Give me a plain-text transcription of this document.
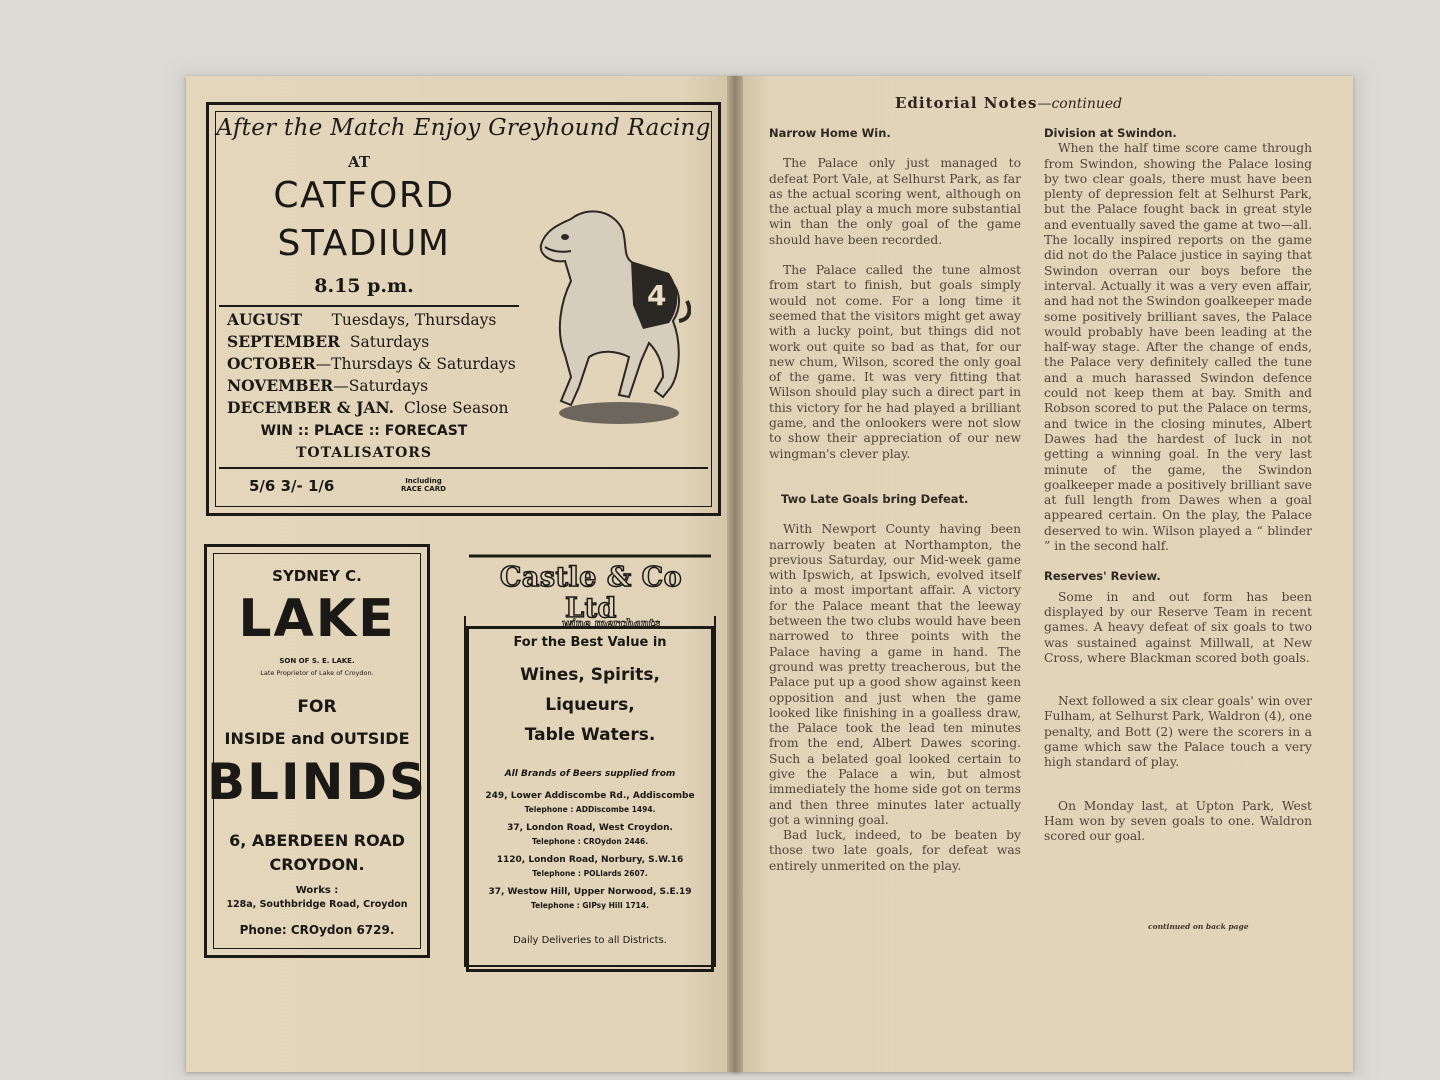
After the Match Enjoy Greyhound Racing
AT
CATFORD
STADIUM
8.15 p.m.
AUGUST Tuesdays, Thursdays
SEPTEMBER Saturdays
OCTOBER—Thursdays & Saturdays
NOVEMBER—Saturdays
DECEMBER & JAN. Close Season
WIN :: PLACE :: FORECAST
TOTALISATORS
5/6 3/- 1/6	Including
RACE CARD
4
SYDNEY C.
LAKE
SON OF S. E. LAKE.
Late Proprietor of Lake of Croydon.
FOR
INSIDE and OUTSIDE
BLINDS
6, ABERDEEN ROAD
CROYDON.
Works :
128a, Southbridge Road, Croydon
Phone: CROydon 6729.
Castle & Co Ltd
wine merchants
For the Best Value in
Wines, Spirits,
Liqueurs,
Table Waters.
All Brands of Beers supplied from
249, Lower Addiscombe Rd., Addiscombe
Telephone : ADDiscombe 1494.
37, London Road, West Croydon.
Telephone : CROydon 2446.
1120, London Road, Norbury, S.W.16
Telephone : POLlards 2607.
37, Westow Hill, Upper Norwood, S.E.19
Telephone : GIPsy Hill 1714.
Daily Deliveries to all Districts.
Editorial Notes—continued
Narrow Home Win.

The Palace only just managed to defeat Port Vale, at Selhurst Park, as far as the actual scoring went, although on the actual play a much more substantial win than the only goal of the game should have been recorded.

The Palace called the tune almost from start to finish, but goals simply would not come. For a long time it seemed that the visitors might get away with a lucky point, but things did not work out quite so bad as that, for our new chum, Wilson, scored the only goal of the game. It was very fitting that Wilson should play such a direct part in this victory for he had played a brilliant game, and the onlookers were not slow to show their appreciation of our new wingman's clever play.

Two Late Goals bring Defeat.

With Newport County having been narrowly beaten at Northampton, the previous Saturday, our Mid-week game with Ipswich, at Ipswich, evolved itself into a most important affair. A victory for the Palace meant that the leeway between the two clubs would have been narrowed to three points with the Palace having a game in hand. The ground was pretty treacherous, but the Palace put up a good show against keen opposition and just when the game looked like finishing in a goalless draw, the Palace took the lead ten minutes from the end, Albert Dawes scoring. Such a belated goal looked certain to give the Palace a win, but almost immediately the home side got on terms and then three minutes later actually got a winning goal.

Bad luck, indeed, to be beaten by those two late goals, for defeat was entirely unmerited on the play.

Division at Swindon.

When the half time score came through from Swindon, showing the Palace losing by two clear goals, there must have been plenty of depression felt at Selhurst Park, but the Palace fought back in great style and eventually saved the game at two—all. The locally inspired reports on the game did not do the Palace justice in saying that Swindon overran our boys before the interval. Actually it was a very even affair, and had not the Swindon goalkeeper made some positively brilliant saves, the Palace would probably have been leading at the half-way stage. After the change of ends, the Palace very definitely called the tune and a much harassed Swindon defence could not keep them at bay. Smith and Robson scored to put the Palace on terms, and twice in the closing minutes, Albert Dawes had the hardest of luck in not getting a winning goal. In the very last minute of the game, the Swindon goalkeeper made a positively brilliant save at full length from Dawes when a goal appeared certain. On the play, the Palace deserved to win. Wilson played a “ blinder ” in the second half.

Reserves' Review.

Some in and out form has been displayed by our Reserve Team in recent games. A heavy defeat of six goals to two was sustained against Millwall, at New Cross, where Blackman scored both goals.

Next followed a six clear goals' win over Fulham, at Selhurst Park, Waldron (4), one penalty, and Bott (2) were the scorers in a game which saw the Palace touch a very high standard of play.

On Monday last, at Upton Park, West Ham won by seven goals to one. Waldron scored our goal.

continued on back page
